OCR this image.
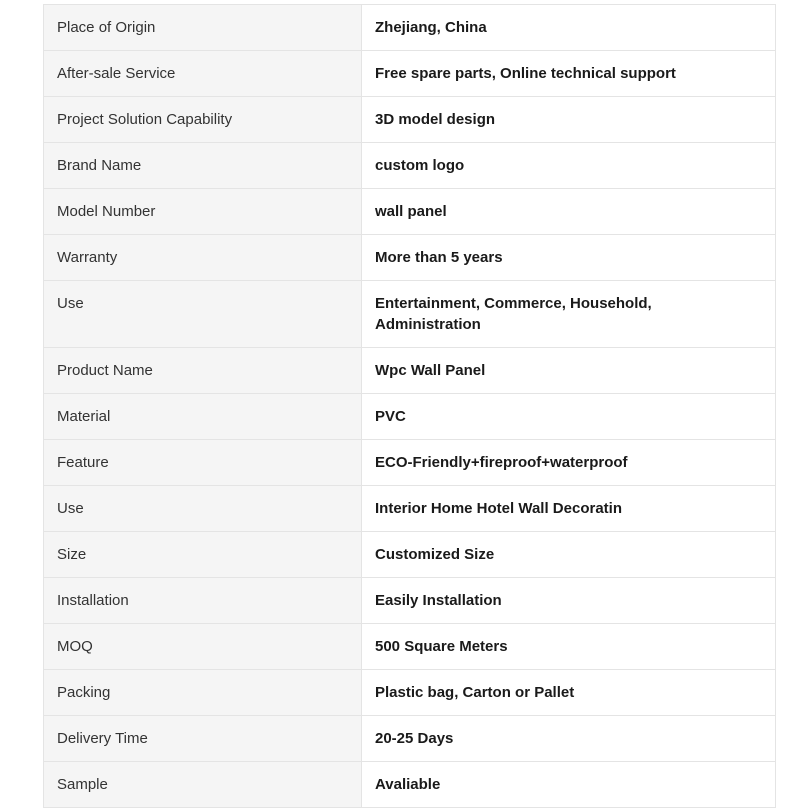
Place of Origin	Zhejiang, China
After-sale Service	Free spare parts, Online technical support
Project Solution Capability	3D model design
Brand Name	custom logo
Model Number	wall panel
Warranty	More than 5 years
Use	Entertainment, Commerce, Household,
Administration

Product Name	Wpc Wall Panel
Material	PVC
Feature	ECO-Friendly+fireproof+waterproof
Use	Interior Home Hotel Wall Decoratin
Size	Customized Size
Installation	Easily Installation
MOQ	500 Square Meters
Packing	Plastic bag, Carton or Pallet
Delivery Time	20-25 Days
Sample	Avaliable
